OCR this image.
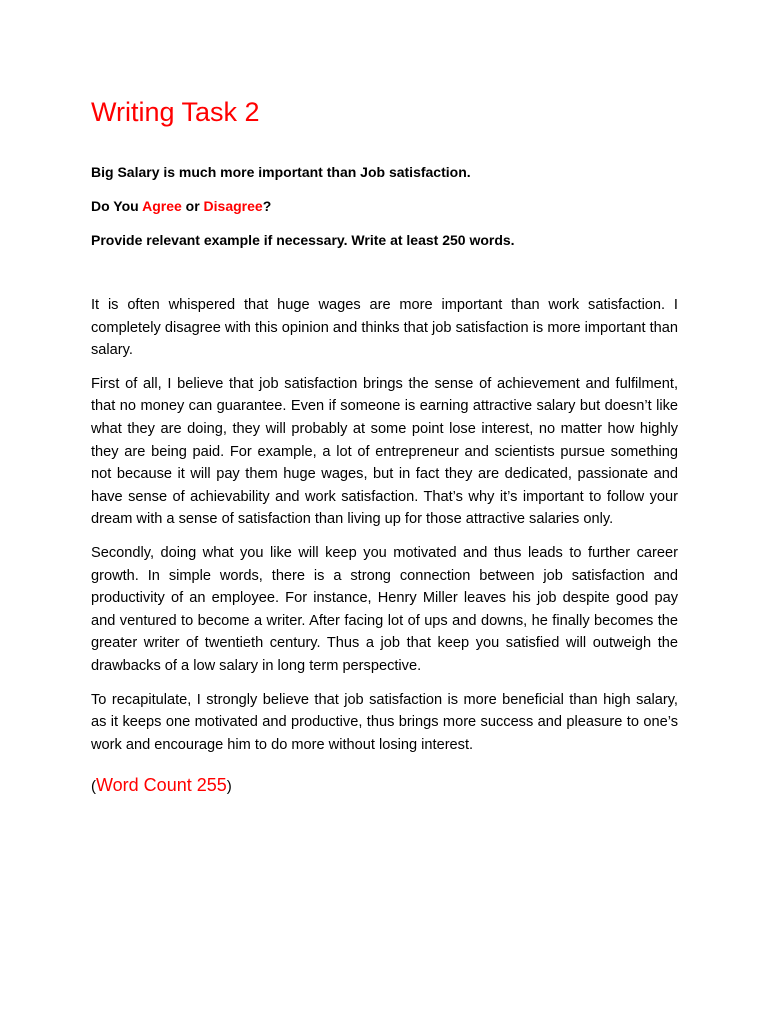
Writing Task 2

Big Salary is much more important than Job satisfaction.

Do You Agree or Disagree?

Provide relevant example if necessary. Write at least 250 words.

It is often whispered that huge wages are more important than work satisfaction. I completely disagree with this opinion and thinks that job satisfaction is more important than salary.

First of all, I believe that job satisfaction brings the sense of achievement and fulfilment, that no money can guarantee. Even if someone is earning attractive salary but doesn’t like what they are doing, they will probably at some point lose interest, no matter how highly they are being paid. For example, a lot of entrepreneur and scientists pursue something not because it will pay them huge wages, but in fact they are dedicated, passionate and have sense of achievability and work satisfaction. That’s why it’s important to follow your dream with a sense of satisfaction than living up for those attractive salaries only.

Secondly, doing what you like will keep you motivated and thus leads to further career growth. In simple words, there is a strong connection between job satisfaction and productivity of an employee. For instance, Henry Miller leaves his job despite good pay and ventured to become a writer. After facing lot of ups and downs, he finally becomes the greater writer of twentieth century. Thus a job that keep you satisfied will outweigh the drawbacks of a low salary in long term perspective.

To recapitulate, I strongly believe that job satisfaction is more beneficial than high salary, as it keeps one motivated and productive, thus brings more success and pleasure to one’s work and encourage him to do more without losing interest.

(Word Count 255)
